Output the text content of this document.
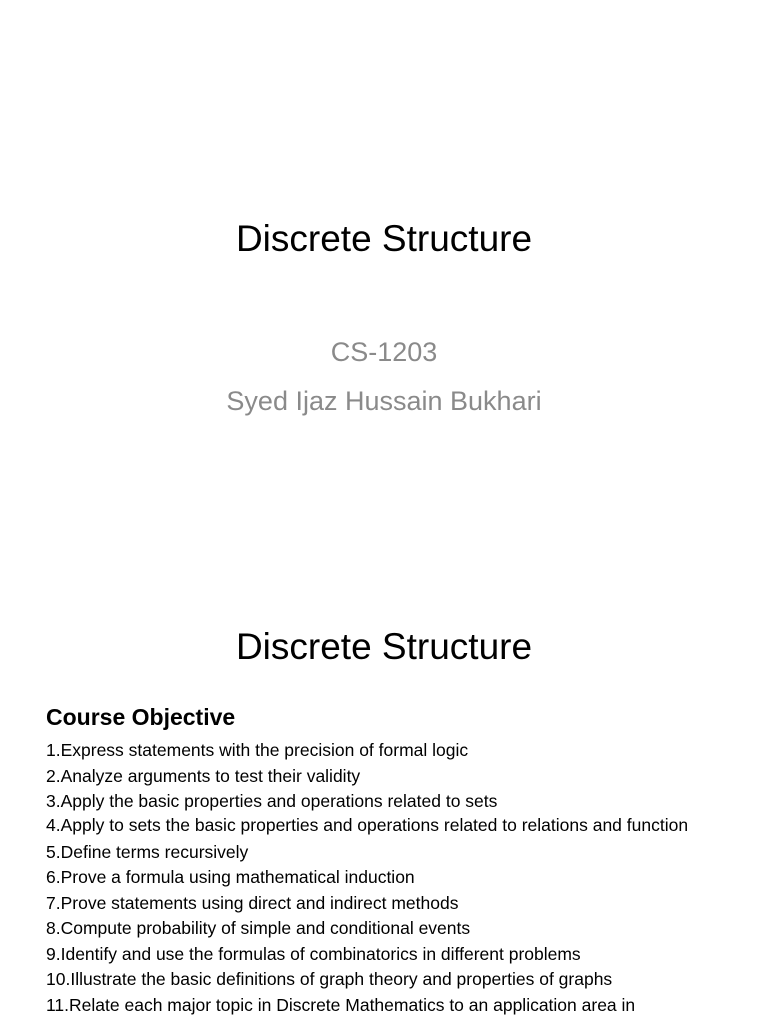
Discrete Structure
CS-1203
Syed Ijaz Hussain Bukhari
Discrete Structure
Course Objective
1.Express statements with the precision of formal logic
2.Analyze arguments to test their validity
3.Apply the basic properties and operations related to sets
4.Apply to sets the basic properties and operations related to relations and function
5.Define terms recursively
6.Prove a formula using mathematical induction
7.Prove statements using direct and indirect methods
8.Compute probability of simple and conditional events
9.Identify and use the formulas of combinatorics in different problems
10.Illustrate the basic definitions of graph theory and properties of graphs
11.Relate each major topic in Discrete Mathematics to an application area in
